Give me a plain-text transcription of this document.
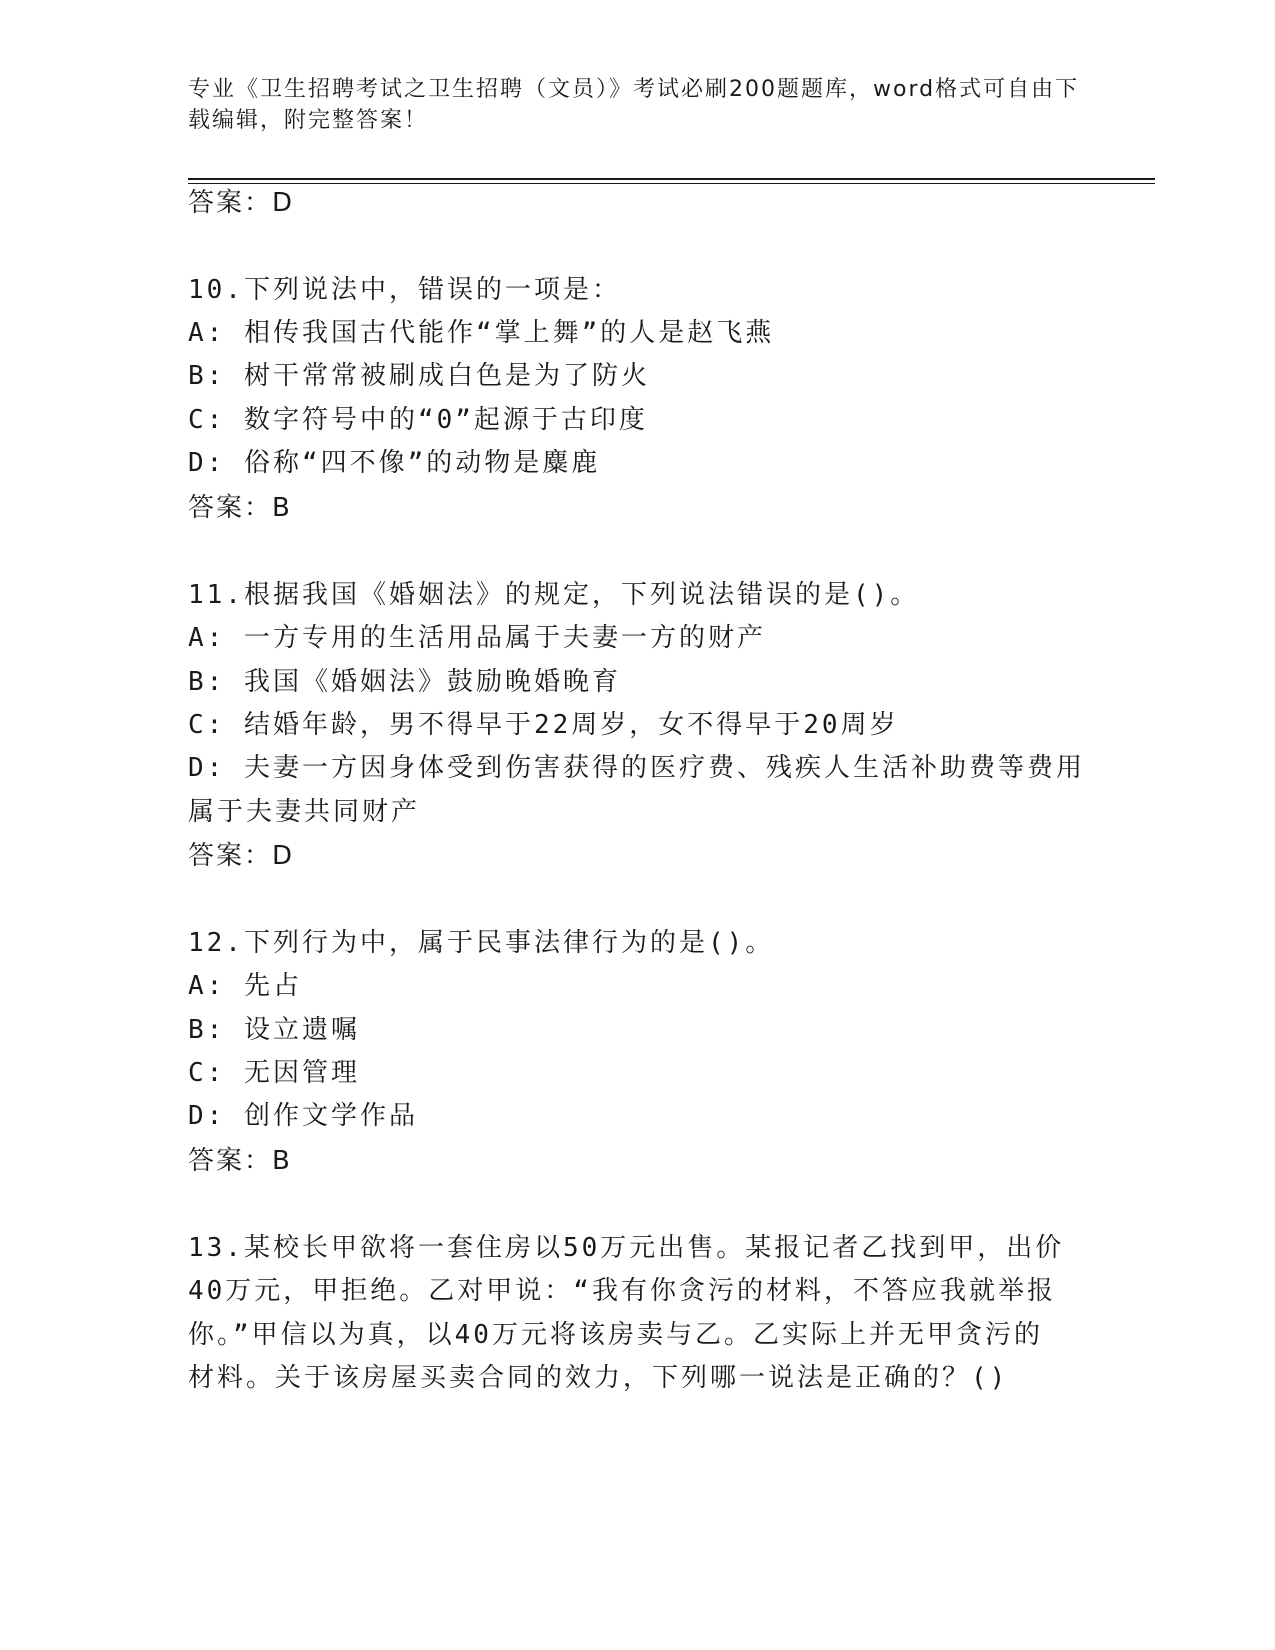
专业《卫生招聘考试之卫生招聘（文员）》考试必刷200题题库，word格式可自由下载编辑，附完整答案！
答案：D
10.下列说法中，错误的一项是：
A: 相传我国古代能作“掌上舞”的人是赵飞燕
B: 树干常常被刷成白色是为了防火
C: 数字符号中的“0”起源于古印度
D: 俗称“四不像”的动物是麋鹿
答案：B
11.根据我国《婚姻法》的规定，下列说法错误的是()。
A: 一方专用的生活用品属于夫妻一方的财产
B: 我国《婚姻法》鼓励晚婚晚育
C: 结婚年龄，男不得早于22周岁，女不得早于20周岁
D: 夫妻一方因身体受到伤害获得的医疗费、残疾人生活补助费等费用
属于夫妻共同财产
答案：D
12.下列行为中，属于民事法律行为的是()。
A: 先占
B: 设立遗嘱
C: 无因管理
D: 创作文学作品
答案：B
13.某校长甲欲将一套住房以50万元出售。某报记者乙找到甲，出价
40万元，甲拒绝。乙对甲说：“我有你贪污的材料，不答应我就举报
你。”甲信以为真，以40万元将该房卖与乙。乙实际上并无甲贪污的
材料。关于该房屋买卖合同的效力，下列哪一说法是正确的？()
